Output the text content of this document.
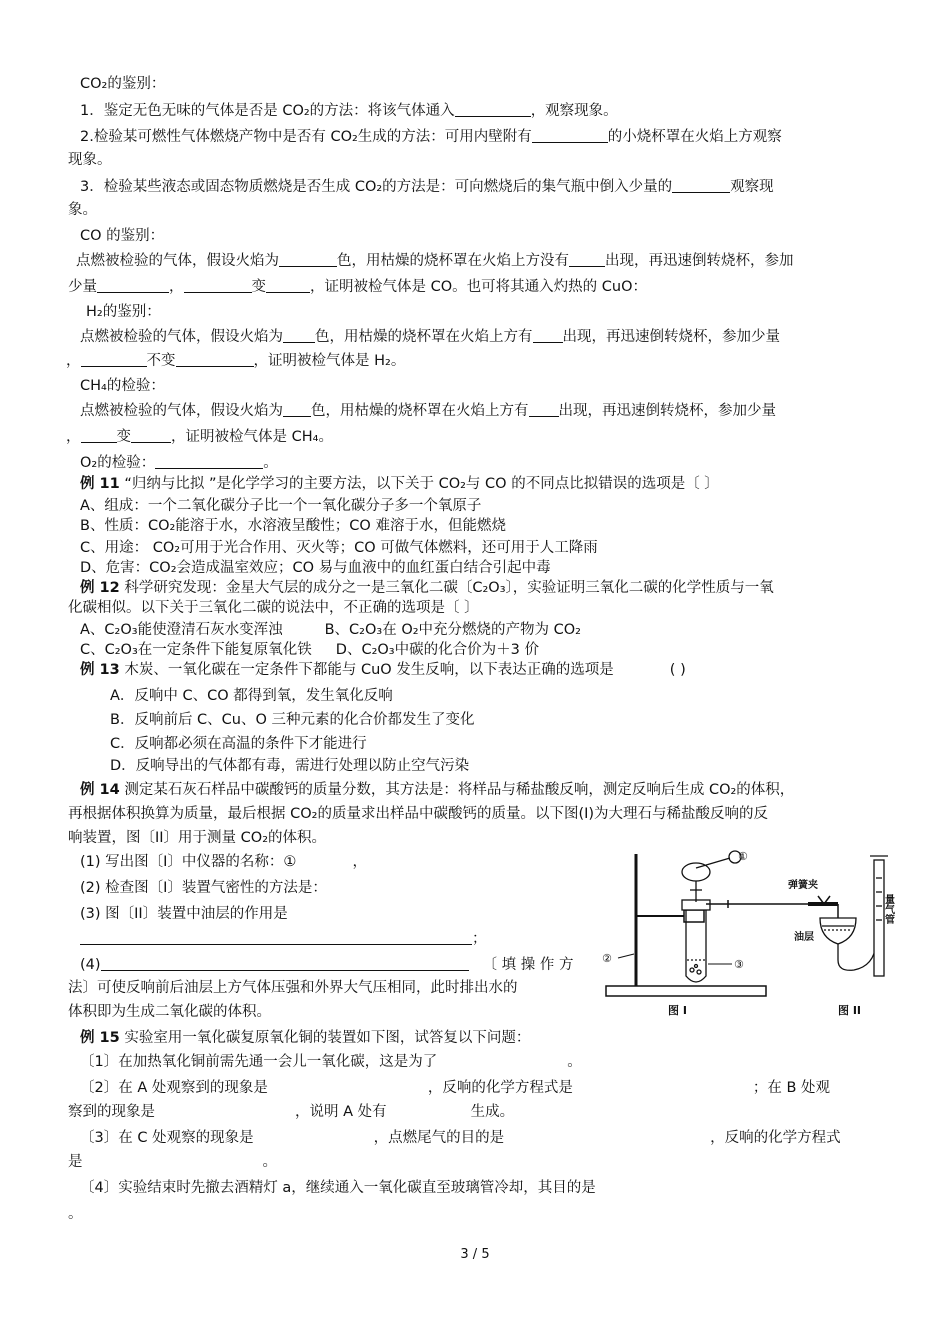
CO₂的鉴别：
1．鉴定无色无味的气体是否是 CO₂的方法：将该气体通入	，观察现象。
2.检验某可燃性气体燃烧产物中是否有 CO₂生成的方法：可用内壁附有	的小烧杯罩在火焰上方观察
现象。
3．检验某些液态或固态物质燃烧是否生成 CO₂的方法是：可向燃烧后的集气瓶中倒入少量的	观察现
象。
CO 的鉴别：
点燃被检验的气体，假设火焰为	色，用枯燥的烧杯罩在火焰上方没有 出现，再迅速倒转烧杯，参加
少量	，	变	，证明被检气体是 CO。也可将其通入灼热的 CuO：
H₂的鉴别：
点燃被检验的气体，假设火焰为 色，用枯燥的烧杯罩在火焰上方有 出现，再迅速倒转烧杯，参加少量
，	不变	，证明被检气体是 H₂。
CH₄的检验：
点燃被检验的气体，假设火焰为 色，用枯燥的烧杯罩在火焰上方有 出现，再迅速倒转烧杯，参加少量
， 变	，证明被检气体是 CH₄。
O₂的检验：	。
例 11 “归纳与比拟 ”是化学学习的主要方法，以下关于 CO₂与 CO 的不同点比拟错误的选项是〔 〕
A、组成：一个二氧化碳分子比一个一氧化碳分子多一个氧原子
B、性质：CO₂能溶于水，水溶液呈酸性；CO 难溶于水，但能燃烧
C、用途： CO₂可用于光合作用、灭火等；CO 可做气体燃料，还可用于人工降雨
D、危害：CO₂会造成温室效应；CO 易与血液中的血红蛋白结合引起中毒
例 12 科学研究发现：金星大气层的成分之一是三氧化二碳〔C₂O₃〕，实验证明三氧化二碳的化学性质与一氧
化碳相似。以下关于三氧化二碳的说法中，不正确的选项是〔 〕
A、C₂O₃能使澄清石灰水变浑浊	B、C₂O₃在 O₂中充分燃烧的产物为 CO₂
C、C₂O₃在一定条件下能复原氧化铁 D、C₂O₃中碳的化合价为＋3 价
例 13 木炭、一氧化碳在一定条件下都能与 CuO 发生反响，以下表达正确的选项是	( )
A．反响中 C、CO 都得到氧，发生氧化反响
B．反响前后 C、Cu、O 三种元素的化合价都发生了变化
C．反响都必须在高温的条件下才能进行
D．反响导出的气体都有毒，需进行处理以防止空气污染
例 14 测定某石灰石样品中碳酸钙的质量分数，其方法是：将样品与稀盐酸反响，测定反响后生成 CO₂的体积，
再根据体积换算为质量，最后根据 CO₂的质量求出样品中碳酸钙的质量。以下图(I)为大理石与稀盐酸反响的反
响装置，图〔II〕用于测量 CO₂的体积。
(1) 写出图〔I〕中仪器的名称：①	，
(2) 检查图〔I〕装置气密性的方法是：
(3) 图〔II〕装置中油层的作用是
；
(4)	〔 填 操 作 方
法〕可使反响前后油层上方气体压强和外界大气压相同，此时排出水的
体积即为生成二氧化碳的体积。
①
②	③
弹簧夹
油层
量气管
图 I	图 II
例 15 实验室用一氧化碳复原氧化铜的装置如下图，试答复以下问题：
〔1〕在加热氧化铜前需先通一会儿一氧化碳，这是为了	。
〔2〕在 A 处观察到的现象是	，反响的化学方程式是	；在 B 处观
察到的现象是	，说明 A 处有	生成。
〔3〕在 C 处观察的现象是	，点燃尾气的目的是	，反响的化学方程式
是	。
〔4〕实验结束时先撤去酒精灯 a，继续通入一氧化碳直至玻璃管冷却，其目的是
。
3 / 5
